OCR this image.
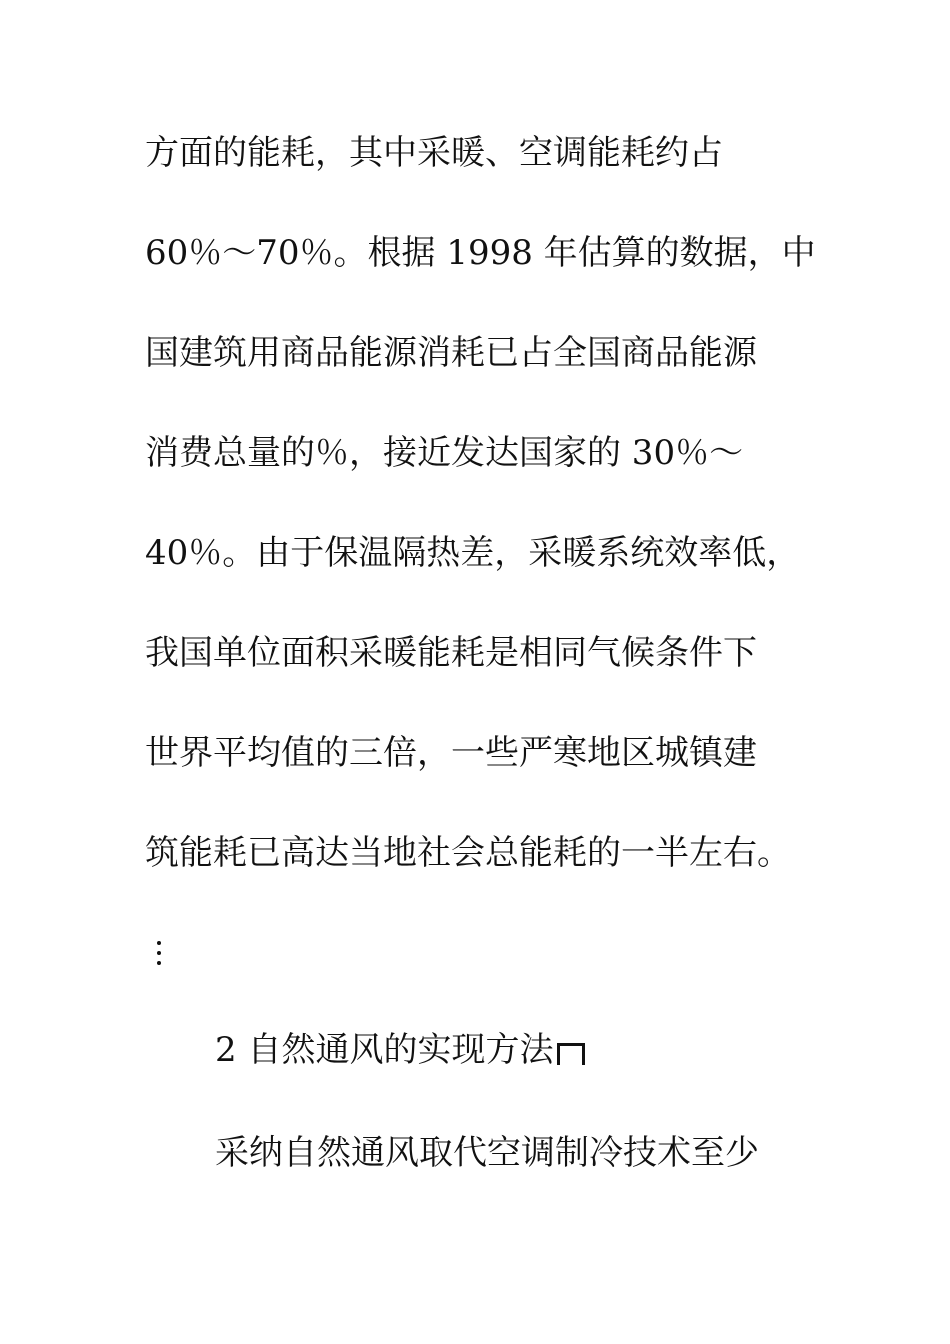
方面的能耗，其中采暖、空调能耗约占
60％～70％。根据 1998 年估算的数据，中
国建筑用商品能源消耗已占全国商品能源
消费总量的％，接近发达国家的 30％～
40％。由于保温隔热差，采暖系统效率低，
我国单位面积采暖能耗是相同气候条件下
世界平均值的三倍，一些严寒地区城镇建
筑能耗已高达当地社会总能耗的一半左右。
2 自然通风的实现方法
采纳自然通风取代空调制冷技术至少
